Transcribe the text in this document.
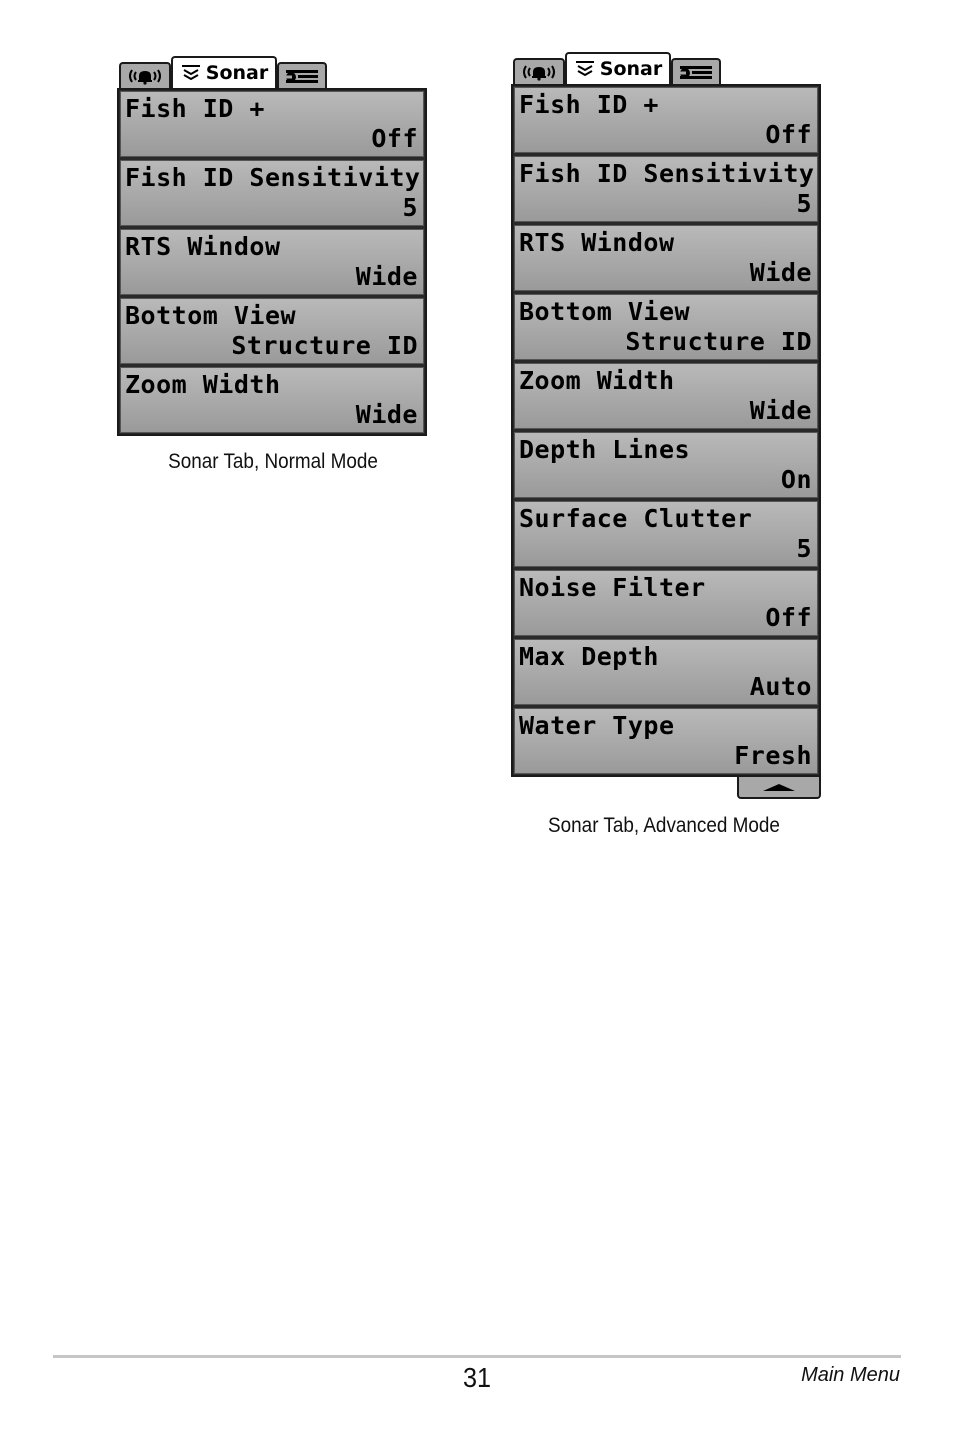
Sonar
Fish ID +
Off
Fish ID Sensitivity
5
RTS Window
Wide
Bottom View
Structure ID
Zoom Width
Wide
Sonar Tab, Normal Mode
Sonar
Fish ID +
Off
Fish ID Sensitivity
5
RTS Window
Wide
Bottom View
Structure ID
Zoom Width
Wide
Depth Lines
On
Surface Clutter
5
Noise Filter
Off
Max Depth
Auto
Water Type
Fresh
Sonar Tab, Advanced Mode
31	Main Menu
